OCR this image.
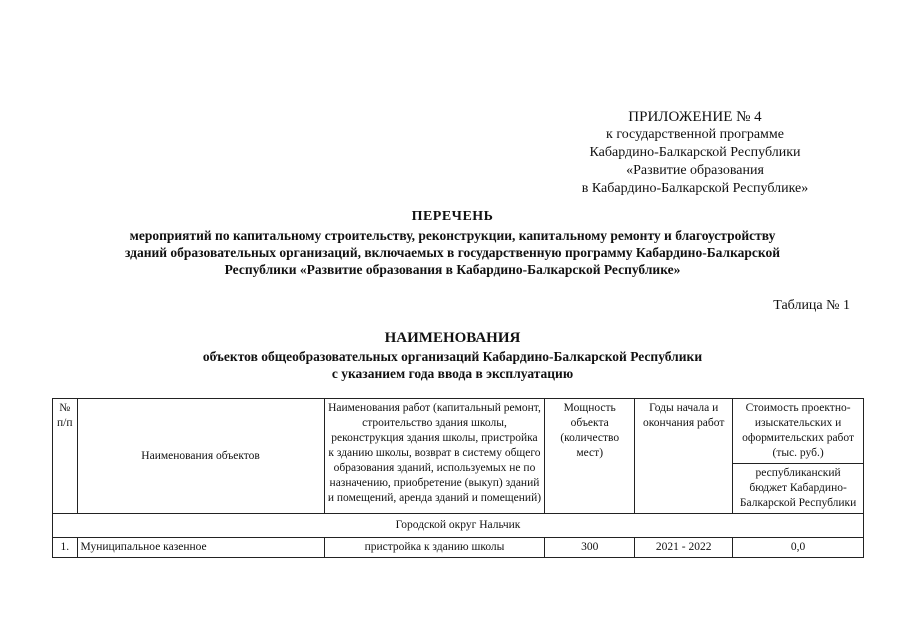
ПРИЛОЖЕНИЕ № 4
к государственной программе
Кабардино-Балкарской Республики
«Развитие образования
в Кабардино-Балкарской Республике»
ПЕРЕЧЕНЬ
мероприятий по капитальному строительству, реконструкции, капитальному ремонту и благоустройству
зданий образовательных организаций, включаемых в государственную программу Кабардино-Балкарской
Республики «Развитие образования в Кабардино-Балкарской Республике»
Таблица № 1
НАИМЕНОВАНИЯ
объектов общеобразовательных организаций Кабардино-Балкарской Республики
с указанием года ввода в эксплуатацию
№ п/п	Наименования объектов	Наименования работ (капитальный ремонт, строительство здания школы, реконструкция здания школы, пристройка к зданию школы, возврат в систему общего образования зданий, используемых не по назначению, приобретение (выкуп) зданий и помещений, аренда зданий и помещений)	Мощность объекта (количество мест)	Годы начала и окончания работ	Стоимость проектно-изыскательских и оформительских работ (тыс. руб.)
					республиканский бюджет Кабардино-Балкарской Республики
Городской округ Нальчик					
1.	Муниципальное казенное	пристройка к зданию школы	300	2021 - 2022	0,0
